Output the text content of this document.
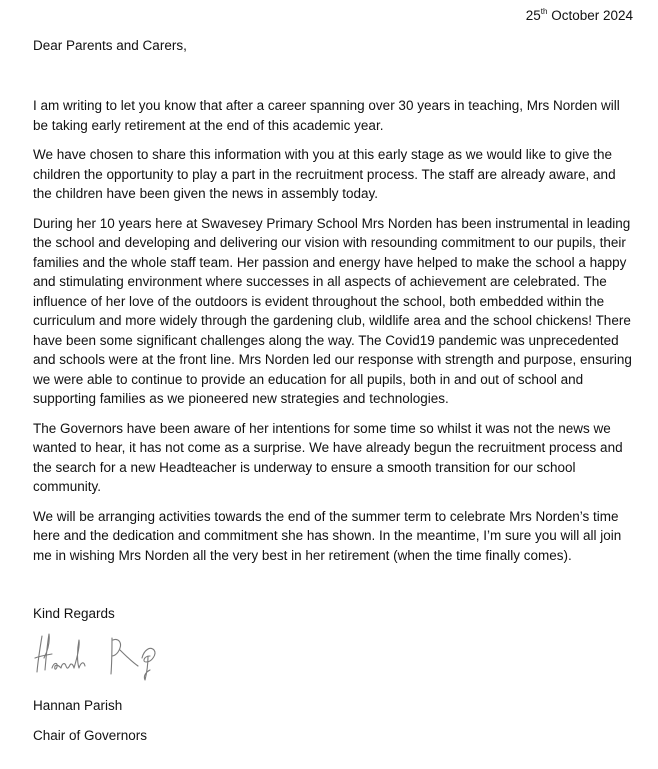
25th October 2024

Dear Parents and Carers,

I am writing to let you know that after a career spanning over 30 years in teaching, Mrs Norden will be taking early retirement at the end of this academic year.

We have chosen to share this information with you at this early stage as we would like to give the children the opportunity to play a part in the recruitment process. The staff are already aware, and the children have been given the news in assembly today.

During her 10 years here at Swavesey Primary School Mrs Norden has been instrumental in leading the school and developing and delivering our vision with resounding commitment to our pupils, their families and the whole staff team. Her passion and energy have helped to make the school a happy and stimulating environment where successes in all aspects of achievement are celebrated. The influence of her love of the outdoors is evident throughout the school, both embedded within the curriculum and more widely through the gardening club, wildlife area and the school chickens! There have been some significant challenges along the way. The Covid19 pandemic was unprecedented and schools were at the front line. Mrs Norden led our response with strength and purpose, ensuring we were able to continue to provide an education for all pupils, both in and out of school and supporting families as we pioneered new strategies and technologies.

The Governors have been aware of her intentions for some time so whilst it was not the news we wanted to hear, it has not come as a surprise. We have already begun the recruitment process and the search for a new Headteacher is underway to ensure a smooth transition for our school community.

We will be arranging activities towards the end of the summer term to celebrate Mrs Norden’s time here and the dedication and commitment she has shown. In the meantime, I’m sure you will all join me in wishing Mrs Norden all the very best in her retirement (when the time finally comes).

Kind Regards

Hannan Parish

Chair of Governors
